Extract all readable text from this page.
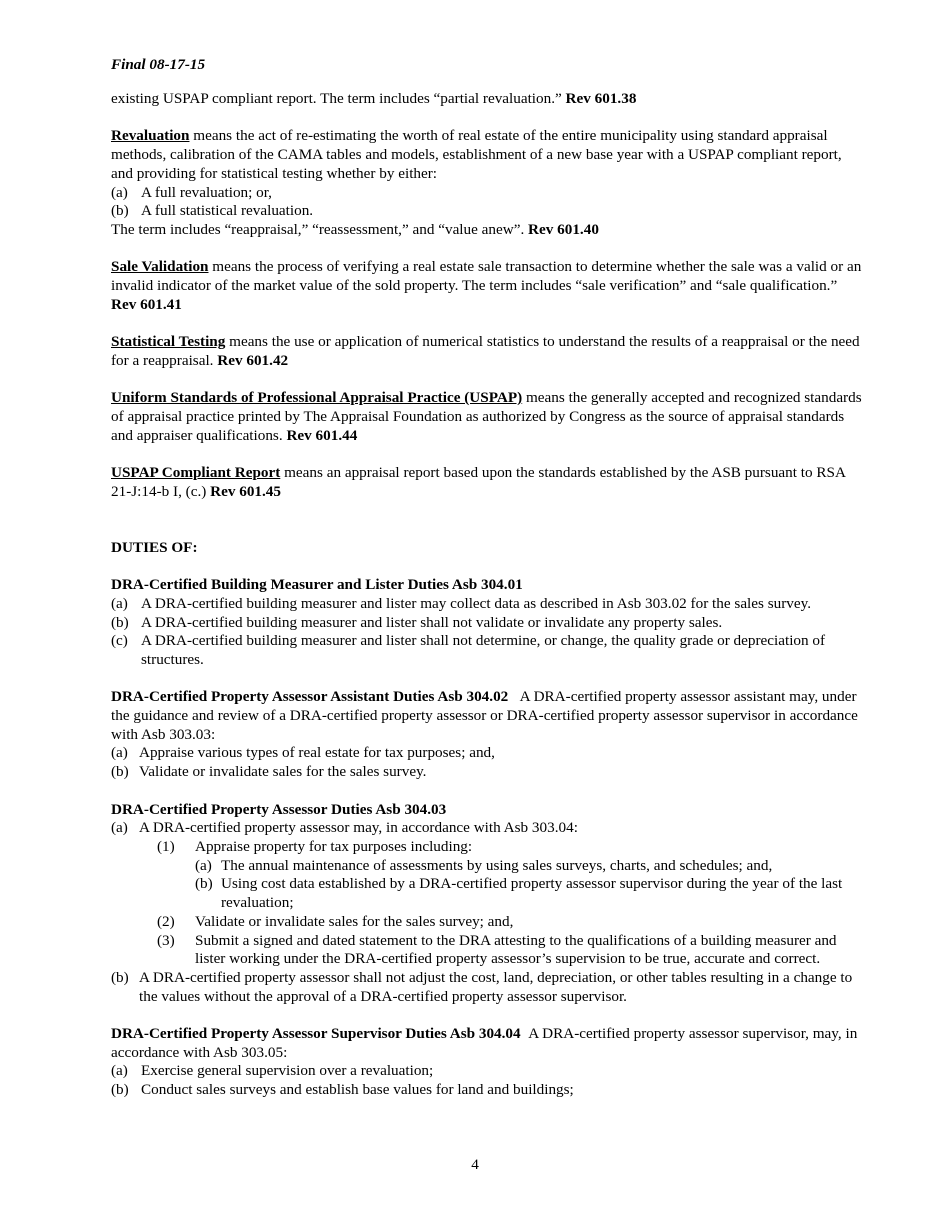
Final 08-17-15

existing USPAP compliant report. The term includes “partial revaluation.” Rev 601.38

Revaluation means the act of re-estimating the worth of real estate of the entire municipality using standard appraisal methods, calibration of the CAMA tables and models, establishment of a new base year with a USPAP compliant report, and providing for statistical testing whether by either:

(a) A full revaluation; or,
(b) A full statistical revaluation.

The term includes “reappraisal,” “reassessment,” and “value anew”. Rev 601.40

Sale Validation means the process of verifying a real estate sale transaction to determine whether the sale was a valid or an invalid indicator of the market value of the sold property. The term includes “sale verification” and “sale qualification.” Rev 601.41

Statistical Testing means the use or application of numerical statistics to understand the results of a reappraisal or the need for a reappraisal. Rev 601.42

Uniform Standards of Professional Appraisal Practice (USPAP) means the generally accepted and recognized standards of appraisal practice printed by The Appraisal Foundation as authorized by Congress as the source of appraisal standards and appraiser qualifications. Rev 601.44

USPAP Compliant Report means an appraisal report based upon the standards established by the ASB pursuant to RSA 21-J:14-b I, (c.) Rev 601.45

DUTIES OF:

DRA-Certified Building Measurer and Lister Duties Asb 304.01

(a) A DRA-certified building measurer and lister may collect data as described in Asb 303.02 for the sales survey.
(b) A DRA-certified building measurer and lister shall not validate or invalidate any property sales.
(c) A DRA-certified building measurer and lister shall not determine, or change, the quality grade or depreciation of structures.

DRA-Certified Property Assessor Assistant Duties Asb 304.02 A DRA-certified property assessor assistant may, under the guidance and review of a DRA-certified property assessor or DRA-certified property assessor supervisor in accordance with Asb 303.03:

(a) Appraise various types of real estate for tax purposes; and,
(b) Validate or invalidate sales for the sales survey.

DRA-Certified Property Assessor Duties Asb 304.03

(a) A DRA-certified property assessor may, in accordance with Asb 303.04:
(1)	Appraise property for tax purposes including:
(a) The annual maintenance of assessments by using sales surveys, charts, and schedules; and,
(b) Using cost data established by a DRA-certified property assessor supervisor during the year of the last revaluation;
(2)	Validate or invalidate sales for the sales survey; and,
(3)	Submit a signed and dated statement to the DRA attesting to the qualifications of a building measurer and lister working under the DRA-certified property assessor’s supervision to be true, accurate and correct.
(b) A DRA-certified property assessor shall not adjust the cost, land, depreciation, or other tables resulting in a change to the values without the approval of a DRA-certified property assessor supervisor.

DRA-Certified Property Assessor Supervisor Duties Asb 304.04 A DRA-certified property assessor supervisor, may, in accordance with Asb 303.05:

(a) Exercise general supervision over a revaluation;
(b) Conduct sales surveys and establish base values for land and buildings;
4
